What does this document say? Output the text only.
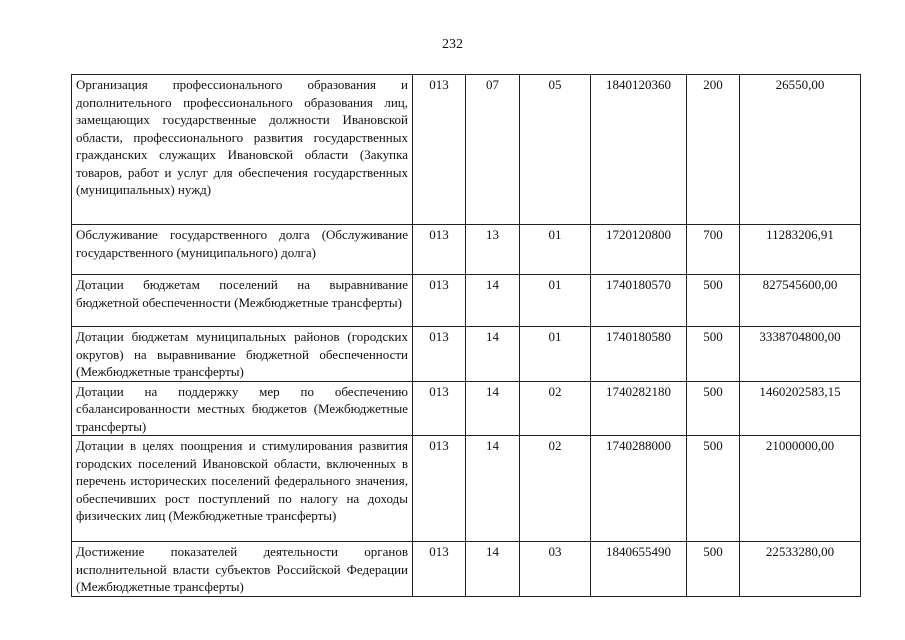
232
Организация профессионального образования и дополнительного профессионального образования лиц, замещающих государственные должности Ивановской области, профессионального развития государственных гражданских служащих Ивановской области (Закупка товаров, работ и услуг для обеспечения государственных (муниципальных) нужд)	013	07	05	1840120360	200	26550,00
Обслуживание государственного долга (Обслуживание государственного (муниципального) долга)	013	13	01	1720120800	700	11283206,91
Дотации бюджетам поселений на выравнивание бюджетной обеспеченности (Межбюджетные трансферты)	013	14	01	1740180570	500	827545600,00
Дотации бюджетам муниципальных районов (городских округов) на выравнивание бюджетной обеспеченности (Межбюджетные трансферты)	013	14	01	1740180580	500	3338704800,00
Дотации на поддержку мер по обеспечению сбалансированности местных бюджетов (Межбюджетные трансферты)	013	14	02	1740282180	500	1460202583,15
Дотации в целях поощрения и стимулирования развития городских поселений Ивановской области, включенных в перечень исторических поселений федерального значения, обеспечивших рост поступлений по налогу на доходы физических лиц (Межбюджетные трансферты)	013	14	02	1740288000	500	21000000,00
Достижение показателей деятельности органов исполнительной власти субъектов Российской Федерации (Межбюджетные трансферты)	013	14	03	1840655490	500	22533280,00
